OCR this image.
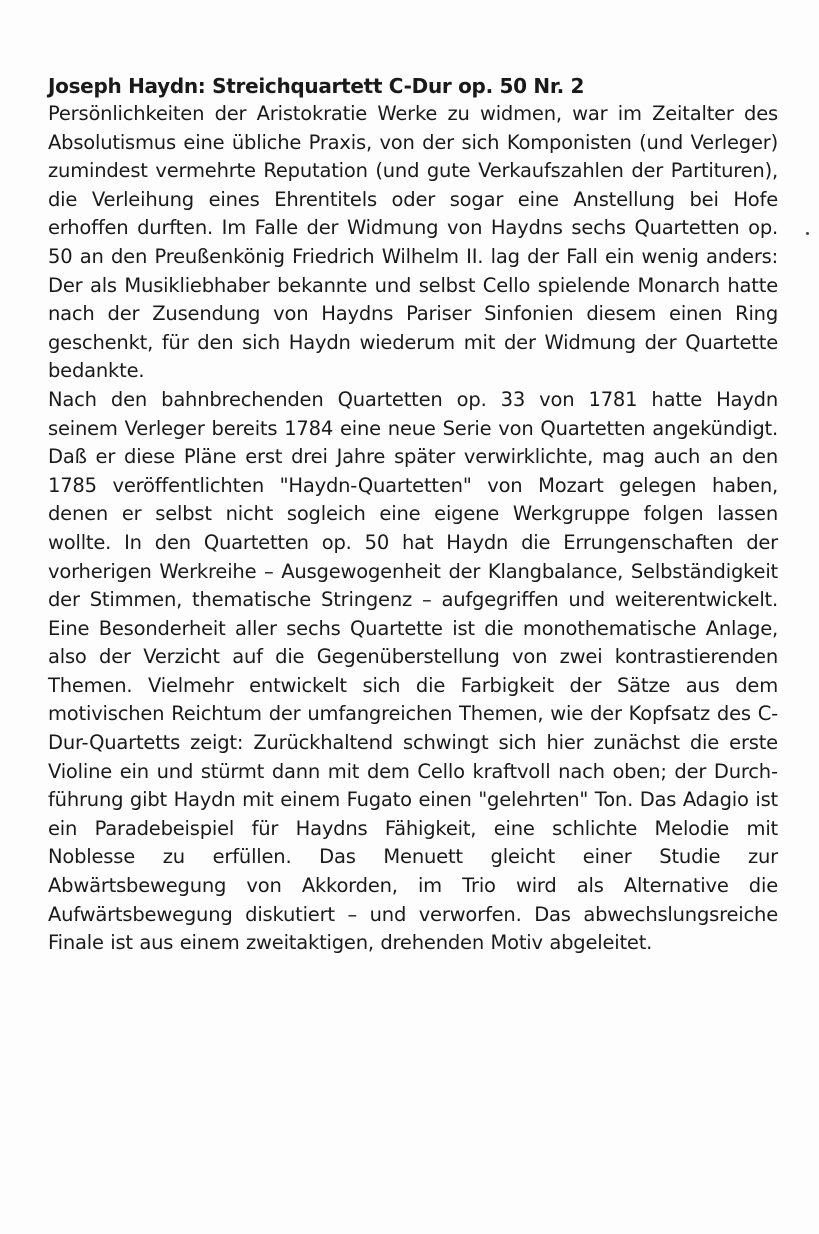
Joseph Haydn: Streichquartett C-Dur op. 50 Nr. 2

Persönlichkeiten der Aristokratie Werke zu widmen, war im Zeitalter des Absolutismus eine übliche Praxis, von der sich Komponisten (und Verleger) zumindest vermehrte Reputation (und gute Verkaufszahlen der Partituren), die Verleihung eines Ehrentitels oder sogar eine Anstellung bei Hofe erhoffen durften. Im Falle der Widmung von Haydns sechs Quartetten op. 50 an den Preußenkönig Friedrich Wilhelm II. lag der Fall ein wenig anders: Der als Musikliebhaber bekannte und selbst Cello spielende Monarch hatte nach der Zusendung von Haydns Pariser Sinfonien diesem einen Ring geschenkt, für den sich Haydn wiederum mit der Widmung der Quartette bedankte.

Nach den bahnbrechenden Quartetten op. 33 von 1781 hatte Haydn seinem Verleger bereits 1784 eine neue Serie von Quartetten angekündigt. Daß er diese Pläne erst drei Jahre später verwirklichte, mag auch an den 1785 veröffentlichten "Haydn-Quartetten" von Mozart gelegen haben, denen er selbst nicht sogleich eine eigene Werkgruppe folgen lassen wollte. In den Quartetten op. 50 hat Haydn die Errungenschaften der vorherigen Werkreihe – Ausgewogenheit der Klangbalance, Selbständigkeit der Stimmen, thematische Stringenz – aufgegriffen und weiterentwickelt. Eine Besonderheit aller sechs Quartette ist die monothematische Anlage, also der Verzicht auf die Gegenüberstellung von zwei kontrastierenden Themen. Vielmehr entwickelt sich die Farbigkeit der Sätze aus dem motivischen Reichtum der umfangreichen Themen, wie der Kopfsatz des C-Dur-Quartetts zeigt: Zurückhaltend schwingt sich hier zunächst die erste Violine ein und stürmt dann mit dem Cello kraftvoll nach oben; der Durchführung gibt Haydn mit einem Fugato einen "gelehrten" Ton. Das Adagio ist ein Paradebeispiel für Haydns Fähigkeit, eine schlichte Melodie mit Noblesse zu erfüllen. Das Menuett gleicht einer Studie zur Abwärtsbewegung von Akkorden, im Trio wird als Alternative die Aufwärtsbewegung diskutiert – und verworfen. Das abwechslungsreiche Finale ist aus einem zweitaktigen, drehenden Motiv abgeleitet.
